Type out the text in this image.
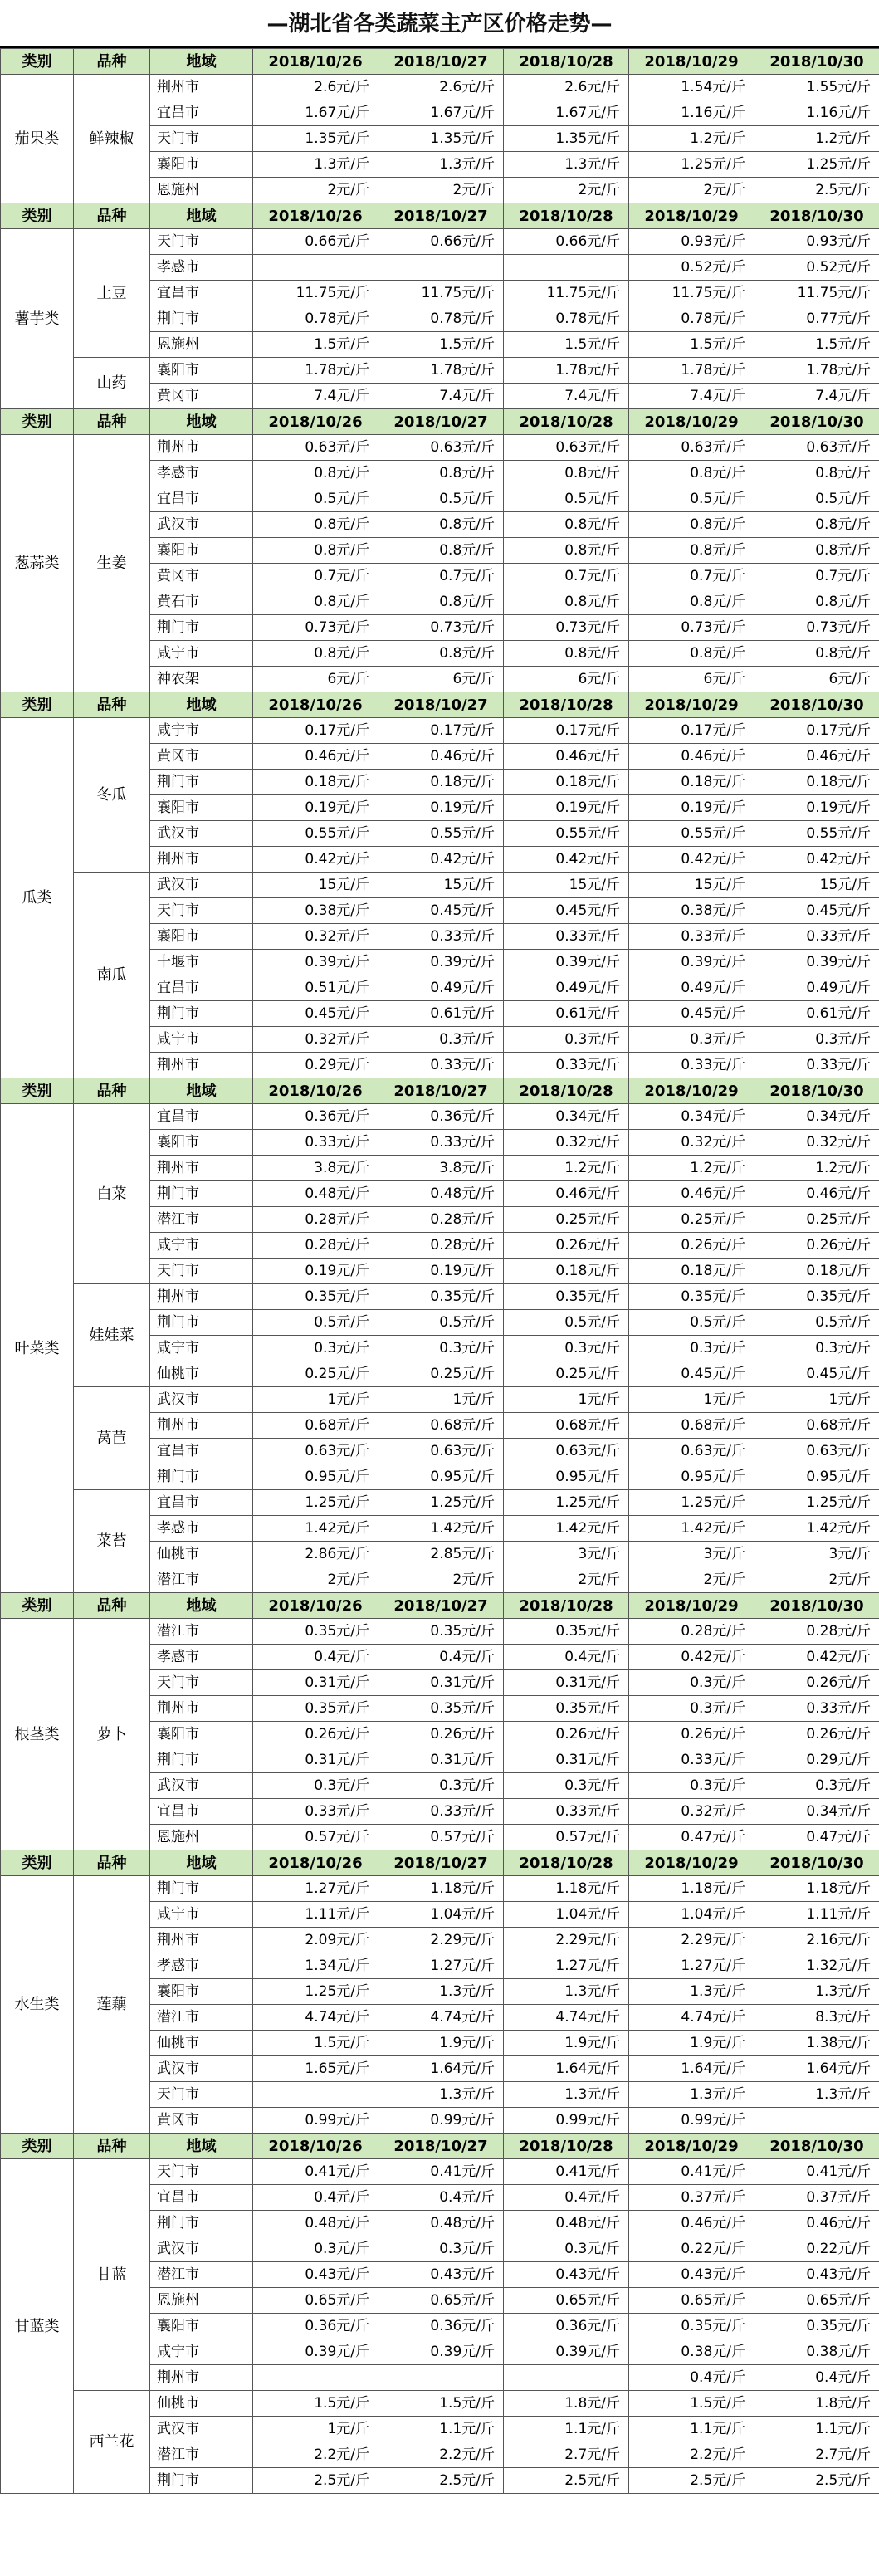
—湖北省各类蔬菜主产区价格走势—
类别	品种	地域	2018/10/26	2018/10/27	2018/10/28	2018/10/29	2018/10/30
茄果类	鲜辣椒	荆州市	2.6元/斤	2.6元/斤	2.6元/斤	1.54元/斤	1.55元/斤
		宜昌市	1.67元/斤	1.67元/斤	1.67元/斤	1.16元/斤	1.16元/斤
		天门市	1.35元/斤	1.35元/斤	1.35元/斤	1.2元/斤	1.2元/斤
		襄阳市	1.3元/斤	1.3元/斤	1.3元/斤	1.25元/斤	1.25元/斤
		恩施州	2元/斤	2元/斤	2元/斤	2元/斤	2.5元/斤
类别	品种	地域	2018/10/26	2018/10/27	2018/10/28	2018/10/29	2018/10/30
薯芋类	土豆	天门市	0.66元/斤	0.66元/斤	0.66元/斤	0.93元/斤	0.93元/斤
		孝感市				0.52元/斤	0.52元/斤
		宜昌市	11.75元/斤	11.75元/斤	11.75元/斤	11.75元/斤	11.75元/斤
		荆门市	0.78元/斤	0.78元/斤	0.78元/斤	0.78元/斤	0.77元/斤
		恩施州	1.5元/斤	1.5元/斤	1.5元/斤	1.5元/斤	1.5元/斤
	山药	襄阳市	1.78元/斤	1.78元/斤	1.78元/斤	1.78元/斤	1.78元/斤
		黄冈市	7.4元/斤	7.4元/斤	7.4元/斤	7.4元/斤	7.4元/斤
类别	品种	地域	2018/10/26	2018/10/27	2018/10/28	2018/10/29	2018/10/30
葱蒜类	生姜	荆州市	0.63元/斤	0.63元/斤	0.63元/斤	0.63元/斤	0.63元/斤
		孝感市	0.8元/斤	0.8元/斤	0.8元/斤	0.8元/斤	0.8元/斤
		宜昌市	0.5元/斤	0.5元/斤	0.5元/斤	0.5元/斤	0.5元/斤
		武汉市	0.8元/斤	0.8元/斤	0.8元/斤	0.8元/斤	0.8元/斤
		襄阳市	0.8元/斤	0.8元/斤	0.8元/斤	0.8元/斤	0.8元/斤
		黄冈市	0.7元/斤	0.7元/斤	0.7元/斤	0.7元/斤	0.7元/斤
		黄石市	0.8元/斤	0.8元/斤	0.8元/斤	0.8元/斤	0.8元/斤
		荆门市	0.73元/斤	0.73元/斤	0.73元/斤	0.73元/斤	0.73元/斤
		咸宁市	0.8元/斤	0.8元/斤	0.8元/斤	0.8元/斤	0.8元/斤
		神农架	6元/斤	6元/斤	6元/斤	6元/斤	6元/斤
类别	品种	地域	2018/10/26	2018/10/27	2018/10/28	2018/10/29	2018/10/30
瓜类	冬瓜	咸宁市	0.17元/斤	0.17元/斤	0.17元/斤	0.17元/斤	0.17元/斤
		黄冈市	0.46元/斤	0.46元/斤	0.46元/斤	0.46元/斤	0.46元/斤
		荆门市	0.18元/斤	0.18元/斤	0.18元/斤	0.18元/斤	0.18元/斤
		襄阳市	0.19元/斤	0.19元/斤	0.19元/斤	0.19元/斤	0.19元/斤
		武汉市	0.55元/斤	0.55元/斤	0.55元/斤	0.55元/斤	0.55元/斤
		荆州市	0.42元/斤	0.42元/斤	0.42元/斤	0.42元/斤	0.42元/斤
	南瓜	武汉市	15元/斤	15元/斤	15元/斤	15元/斤	15元/斤
		天门市	0.38元/斤	0.45元/斤	0.45元/斤	0.38元/斤	0.45元/斤
		襄阳市	0.32元/斤	0.33元/斤	0.33元/斤	0.33元/斤	0.33元/斤
		十堰市	0.39元/斤	0.39元/斤	0.39元/斤	0.39元/斤	0.39元/斤
		宜昌市	0.51元/斤	0.49元/斤	0.49元/斤	0.49元/斤	0.49元/斤
		荆门市	0.45元/斤	0.61元/斤	0.61元/斤	0.45元/斤	0.61元/斤
		咸宁市	0.32元/斤	0.3元/斤	0.3元/斤	0.3元/斤	0.3元/斤
		荆州市	0.29元/斤	0.33元/斤	0.33元/斤	0.33元/斤	0.33元/斤
类别	品种	地域	2018/10/26	2018/10/27	2018/10/28	2018/10/29	2018/10/30
叶菜类	白菜	宜昌市	0.36元/斤	0.36元/斤	0.34元/斤	0.34元/斤	0.34元/斤
		襄阳市	0.33元/斤	0.33元/斤	0.32元/斤	0.32元/斤	0.32元/斤
		荆州市	3.8元/斤	3.8元/斤	1.2元/斤	1.2元/斤	1.2元/斤
		荆门市	0.48元/斤	0.48元/斤	0.46元/斤	0.46元/斤	0.46元/斤
		潜江市	0.28元/斤	0.28元/斤	0.25元/斤	0.25元/斤	0.25元/斤
		咸宁市	0.28元/斤	0.28元/斤	0.26元/斤	0.26元/斤	0.26元/斤
		天门市	0.19元/斤	0.19元/斤	0.18元/斤	0.18元/斤	0.18元/斤
	娃娃菜	荆州市	0.35元/斤	0.35元/斤	0.35元/斤	0.35元/斤	0.35元/斤
		荆门市	0.5元/斤	0.5元/斤	0.5元/斤	0.5元/斤	0.5元/斤
		咸宁市	0.3元/斤	0.3元/斤	0.3元/斤	0.3元/斤	0.3元/斤
		仙桃市	0.25元/斤	0.25元/斤	0.25元/斤	0.45元/斤	0.45元/斤
	莴苣	武汉市	1元/斤	1元/斤	1元/斤	1元/斤	1元/斤
		荆州市	0.68元/斤	0.68元/斤	0.68元/斤	0.68元/斤	0.68元/斤
		宜昌市	0.63元/斤	0.63元/斤	0.63元/斤	0.63元/斤	0.63元/斤
		荆门市	0.95元/斤	0.95元/斤	0.95元/斤	0.95元/斤	0.95元/斤
	菜苔	宜昌市	1.25元/斤	1.25元/斤	1.25元/斤	1.25元/斤	1.25元/斤
		孝感市	1.42元/斤	1.42元/斤	1.42元/斤	1.42元/斤	1.42元/斤
		仙桃市	2.86元/斤	2.85元/斤	3元/斤	3元/斤	3元/斤
		潜江市	2元/斤	2元/斤	2元/斤	2元/斤	2元/斤
类别	品种	地域	2018/10/26	2018/10/27	2018/10/28	2018/10/29	2018/10/30
根茎类	萝卜	潜江市	0.35元/斤	0.35元/斤	0.35元/斤	0.28元/斤	0.28元/斤
		孝感市	0.4元/斤	0.4元/斤	0.4元/斤	0.42元/斤	0.42元/斤
		天门市	0.31元/斤	0.31元/斤	0.31元/斤	0.3元/斤	0.26元/斤
		荆州市	0.35元/斤	0.35元/斤	0.35元/斤	0.3元/斤	0.33元/斤
		襄阳市	0.26元/斤	0.26元/斤	0.26元/斤	0.26元/斤	0.26元/斤
		荆门市	0.31元/斤	0.31元/斤	0.31元/斤	0.33元/斤	0.29元/斤
		武汉市	0.3元/斤	0.3元/斤	0.3元/斤	0.3元/斤	0.3元/斤
		宜昌市	0.33元/斤	0.33元/斤	0.33元/斤	0.32元/斤	0.34元/斤
		恩施州	0.57元/斤	0.57元/斤	0.57元/斤	0.47元/斤	0.47元/斤
类别	品种	地域	2018/10/26	2018/10/27	2018/10/28	2018/10/29	2018/10/30
水生类	莲藕	荆门市	1.27元/斤	1.18元/斤	1.18元/斤	1.18元/斤	1.18元/斤
		咸宁市	1.11元/斤	1.04元/斤	1.04元/斤	1.04元/斤	1.11元/斤
		荆州市	2.09元/斤	2.29元/斤	2.29元/斤	2.29元/斤	2.16元/斤
		孝感市	1.34元/斤	1.27元/斤	1.27元/斤	1.27元/斤	1.32元/斤
		襄阳市	1.25元/斤	1.3元/斤	1.3元/斤	1.3元/斤	1.3元/斤
		潜江市	4.74元/斤	4.74元/斤	4.74元/斤	4.74元/斤	8.3元/斤
		仙桃市	1.5元/斤	1.9元/斤	1.9元/斤	1.9元/斤	1.38元/斤
		武汉市	1.65元/斤	1.64元/斤	1.64元/斤	1.64元/斤	1.64元/斤
		天门市		1.3元/斤	1.3元/斤	1.3元/斤	1.3元/斤
		黄冈市	0.99元/斤	0.99元/斤	0.99元/斤	0.99元/斤	
类别	品种	地域	2018/10/26	2018/10/27	2018/10/28	2018/10/29	2018/10/30
甘蓝类	甘蓝	天门市	0.41元/斤	0.41元/斤	0.41元/斤	0.41元/斤	0.41元/斤
		宜昌市	0.4元/斤	0.4元/斤	0.4元/斤	0.37元/斤	0.37元/斤
		荆门市	0.48元/斤	0.48元/斤	0.48元/斤	0.46元/斤	0.46元/斤
		武汉市	0.3元/斤	0.3元/斤	0.3元/斤	0.22元/斤	0.22元/斤
		潜江市	0.43元/斤	0.43元/斤	0.43元/斤	0.43元/斤	0.43元/斤
		恩施州	0.65元/斤	0.65元/斤	0.65元/斤	0.65元/斤	0.65元/斤
		襄阳市	0.36元/斤	0.36元/斤	0.36元/斤	0.35元/斤	0.35元/斤
		咸宁市	0.39元/斤	0.39元/斤	0.39元/斤	0.38元/斤	0.38元/斤
		荆州市				0.4元/斤	0.4元/斤
	西兰花	仙桃市	1.5元/斤	1.5元/斤	1.8元/斤	1.5元/斤	1.8元/斤
		武汉市	1元/斤	1.1元/斤	1.1元/斤	1.1元/斤	1.1元/斤
		潜江市	2.2元/斤	2.2元/斤	2.7元/斤	2.2元/斤	2.7元/斤
		荆门市	2.5元/斤	2.5元/斤	2.5元/斤	2.5元/斤	2.5元/斤
